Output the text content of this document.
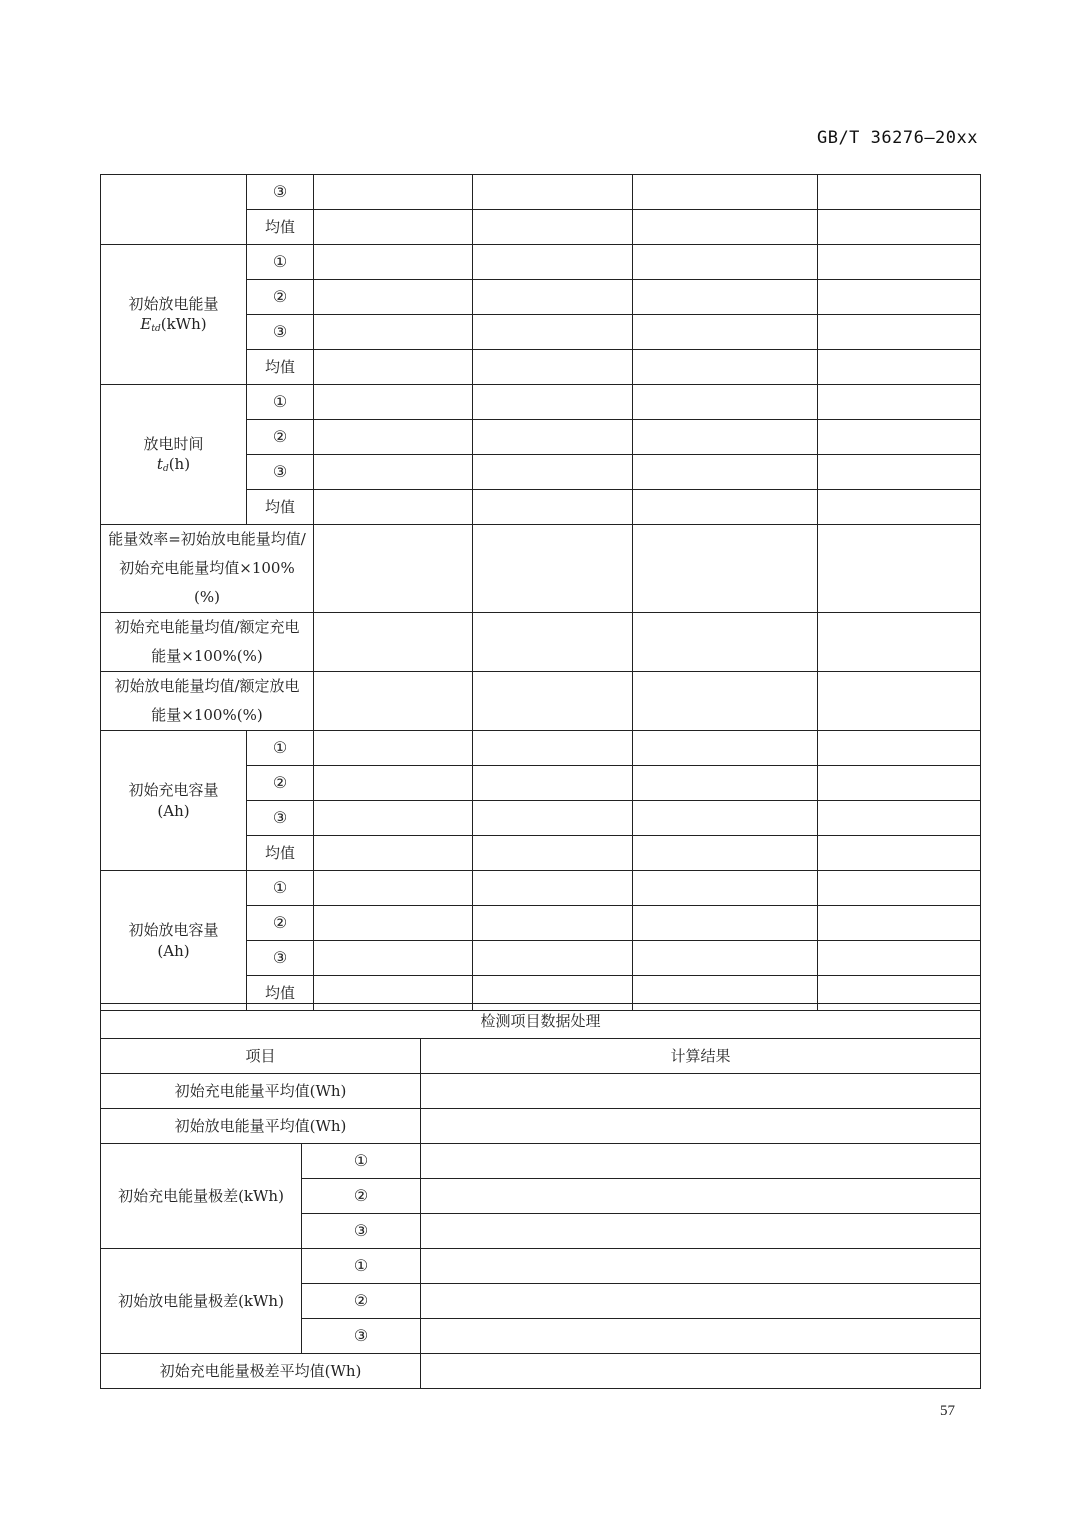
GB/T 36276—20xx
	③				
	均值				

初始放电能量
$E_{td}(kWh)$	①				
	②				
	③				
	均值				

放电时间
$t_d(h)$	①				
	②				
	③				
	均值				
能量效率=初始放电能量均值/初始充电能量均值×100%(%)					
初始充电能量均值/额定充电能量×100%(%)					
初始放电能量均值/额定放电能量×100%(%)					

初始充电容量
(Ah)	①				
	②				
	③				
	均值				

初始放电容量
(Ah)	①				
	②				
	③				
	均值				
检测项目数据处理		
项目		计算结果
初始充电能量平均值(Wh)		
初始放电能量平均值(Wh)		
初始充电能量极差(kWh)	①	
	②	
	③	
初始放电能量极差(kWh)	①	
	②	
	③	
初始充电能量极差平均值(Wh)		
57
